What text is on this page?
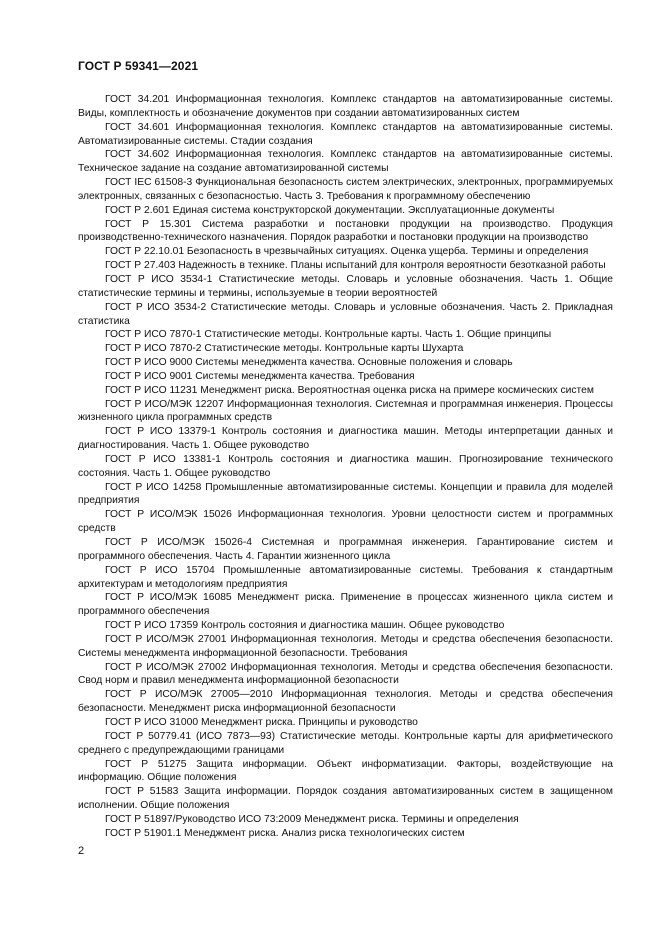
ГОСТ Р 59341—2021

ГОСТ 34.201 Информационная технология. Комплекс стандартов на автоматизированные системы. Виды, комплектность и обозначение документов при создании автоматизированных систем

ГОСТ 34.601 Информационная технология. Комплекс стандартов на автоматизированные системы. Автоматизированные системы. Стадии создания

ГОСТ 34.602 Информационная технология. Комплекс стандартов на автоматизированные системы. Техническое задание на создание автоматизированной системы

ГОСТ IEC 61508-3 Функциональная безопасность систем электрических, электронных, программируемых электронных, связанных с безопасностью. Часть 3. Требования к программному обеспечению

ГОСТ Р 2.601 Единая система конструкторской документации. Эксплуатационные документы

ГОСТ Р 15.301 Система разработки и постановки продукции на производство. Продукция производственно-технического назначения. Порядок разработки и постановки продукции на производство

ГОСТ Р 22.10.01 Безопасность в чрезвычайных ситуациях. Оценка ущерба. Термины и определения

ГОСТ Р 27.403 Надежность в технике. Планы испытаний для контроля вероятности безотказной работы

ГОСТ Р ИСО 3534-1 Статистические методы. Словарь и условные обозначения. Часть 1. Общие статистические термины и термины, используемые в теории вероятностей

ГОСТ Р ИСО 3534-2 Статистические методы. Словарь и условные обозначения. Часть 2. Прикладная статистика

ГОСТ Р ИСО 7870-1 Статистические методы. Контрольные карты. Часть 1. Общие принципы

ГОСТ Р ИСО 7870-2 Статистические методы. Контрольные карты Шухарта

ГОСТ Р ИСО 9000 Системы менеджмента качества. Основные положения и словарь

ГОСТ Р ИСО 9001 Системы менеджмента качества. Требования

ГОСТ Р ИСО 11231 Менеджмент риска. Вероятностная оценка риска на примере космических систем

ГОСТ Р ИСО/МЭК 12207 Информационная технология. Системная и программная инженерия. Процессы жизненного цикла программных средств

ГОСТ Р ИСО 13379-1 Контроль состояния и диагностика машин. Методы интерпретации данных и диагностирования. Часть 1. Общее руководство

ГОСТ Р ИСО 13381-1 Контроль состояния и диагностика машин. Прогнозирование технического состояния. Часть 1. Общее руководство

ГОСТ Р ИСО 14258 Промышленные автоматизированные системы. Концепции и правила для моделей предприятия

ГОСТ Р ИСО/МЭК 15026 Информационная технология. Уровни целостности систем и программных средств

ГОСТ Р ИСО/МЭК 15026-4 Системная и программная инженерия. Гарантирование систем и программного обеспечения. Часть 4. Гарантии жизненного цикла

ГОСТ Р ИСО 15704 Промышленные автоматизированные системы. Требования к стандартным архитектурам и методологиям предприятия

ГОСТ Р ИСО/МЭК 16085 Менеджмент риска. Применение в процессах жизненного цикла систем и программного обеспечения

ГОСТ Р ИСО 17359 Контроль состояния и диагностика машин. Общее руководство

ГОСТ Р ИСО/МЭК 27001 Информационная технология. Методы и средства обеспечения безопасности. Системы менеджмента информационной безопасности. Требования

ГОСТ Р ИСО/МЭК 27002 Информационная технология. Методы и средства обеспечения безопасности. Свод норм и правил менеджмента информационной безопасности

ГОСТ Р ИСО/МЭК 27005—2010 Информационная технология. Методы и средства обеспечения безопасности. Менеджмент риска информационной безопасности

ГОСТ Р ИСО 31000 Менеджмент риска. Принципы и руководство

ГОСТ Р 50779.41 (ИСО 7873—93) Статистические методы. Контрольные карты для арифметического среднего с предупреждающими границами

ГОСТ Р 51275 Защита информации. Объект информатизации. Факторы, воздействующие на информацию. Общие положения

ГОСТ Р 51583 Защита информации. Порядок создания автоматизированных систем в защищенном исполнении. Общие положения

ГОСТ Р 51897/Руководство ИСО 73:2009 Менеджмент риска. Термины и определения

ГОСТ Р 51901.1 Менеджмент риска. Анализ риска технологических систем

2
